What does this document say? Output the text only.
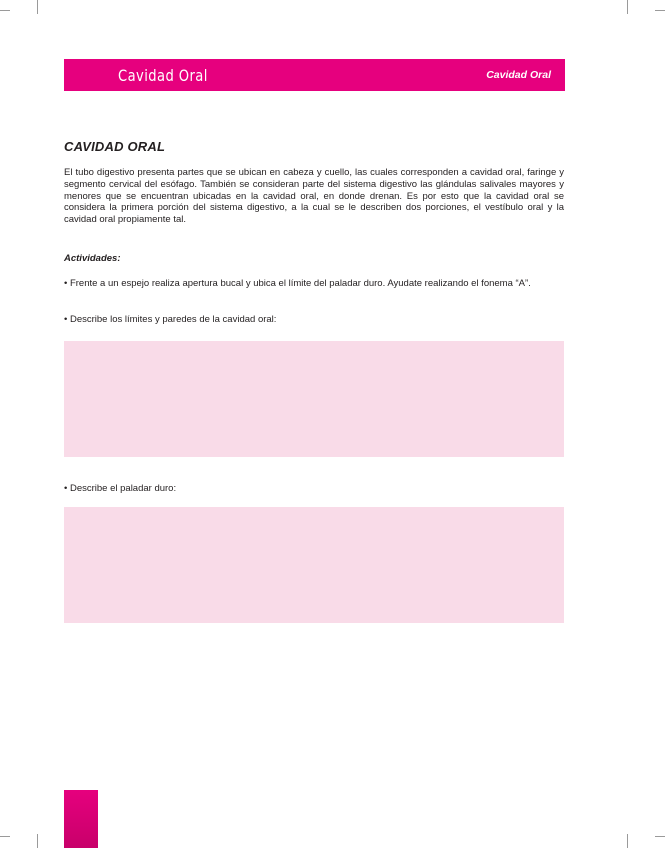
Cavidad Oral	Cavidad Oral
CAVIDAD ORAL
El tubo digestivo presenta partes que se ubican en cabeza y cuello, las cuales corresponden a cavidad oral, faringe y segmento cervical del esófago. También se consideran parte del sistema digestivo las glándulas salivales mayores y menores que se encuentran ubicadas en la cavidad oral, en donde drenan. Es por esto que la cavidad oral se considera la primera porción del sistema digestivo, a la cual se le describen dos porciones, el vestíbulo oral y la cavidad oral propiamente tal.
Actividades:
• Frente a un espejo realiza apertura bucal y ubica el límite del paladar duro. Ayudate realizando el fonema “A”.
• Describe los límites y paredes de la cavidad oral:
• Describe el paladar duro:
